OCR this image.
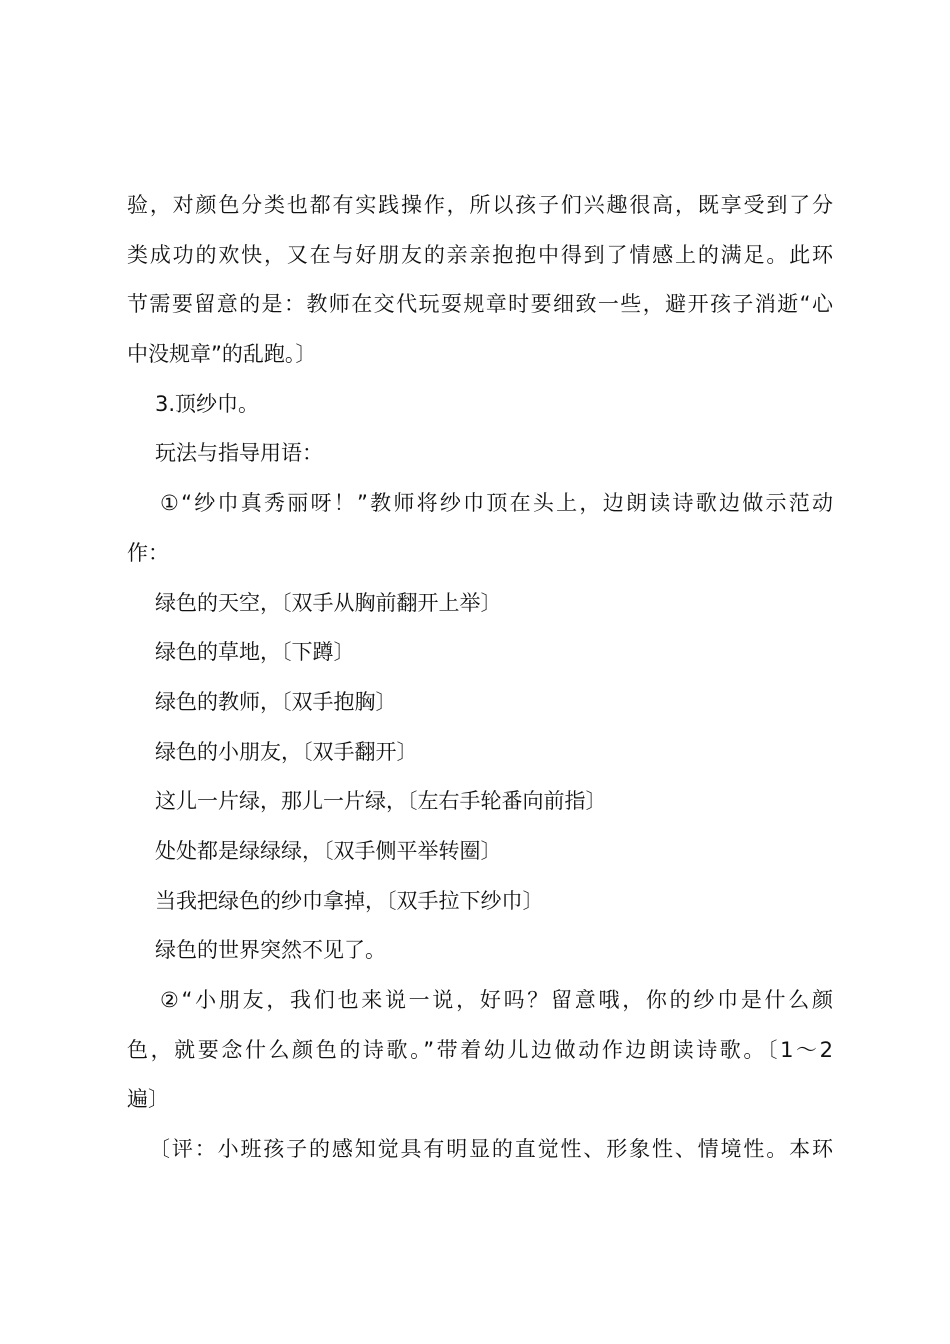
验，对颜色分类也都有实践操作，所以孩子们兴趣很高，既享受到了分
类成功的欢快，又在与好朋友的亲亲抱抱中得到了情感上的满足。此环
节需要留意的是：教师在交代玩耍规章时要细致一些，避开孩子消逝“心
中没规章”的乱跑。〕
3.顶纱巾。
玩法与指导用语：
①“纱巾真秀丽呀！”教师将纱巾顶在头上，边朗读诗歌边做示范动
作：
绿色的天空，〔双手从胸前翻开上举〕
绿色的草地，〔下蹲〕
绿色的教师，〔双手抱胸〕
绿色的小朋友，〔双手翻开〕
这儿一片绿，那儿一片绿，〔左右手轮番向前指〕
处处都是绿绿绿，〔双手侧平举转圈〕
当我把绿色的纱巾拿掉，〔双手拉下纱巾〕
绿色的世界突然不见了。
②“小朋友，我们也来说一说，好吗？留意哦，你的纱巾是什么颜
色，就要念什么颜色的诗歌。”带着幼儿边做动作边朗读诗歌。〔1～2
遍〕
〔评：小班孩子的感知觉具有明显的直觉性、形象性、情境性。本环
